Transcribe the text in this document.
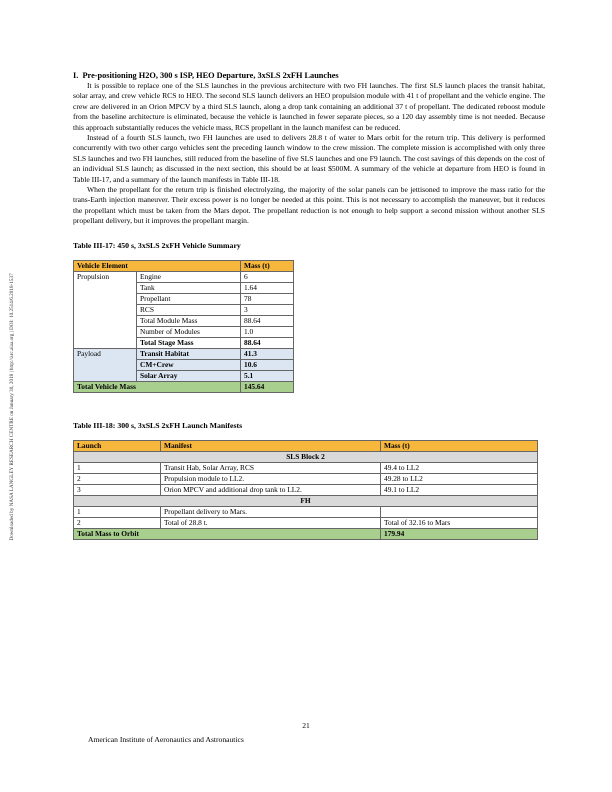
Downloaded by NASA LANGLEY RESEARCH CENTRE on January 30, 2018 | http://arc.aiaa.org | DOI: 10.2514/6.2018-1537
I. Pre-positioning H2O, 300 s ISP, HEO Departure, 3xSLS 2xFH Launches

It is possible to replace one of the SLS launches in the previous architecture with two FH launches. The first SLS launch places the transit habitat, solar array, and crew vehicle RCS to HEO. The second SLS launch delivers an HEO propulsion module with 41 t of propellant and the vehicle engine. The crew are delivered in an Orion MPCV by a third SLS launch, along a drop tank containing an additional 37 t of propellant. The dedicated reboost module from the baseline architecture is eliminated, because the vehicle is launched in fewer separate pieces, so a 120 day assembly time is not needed. Because this approach substantially reduces the vehicle mass, RCS propellant in the launch manifest can be reduced.

Instead of a fourth SLS launch, two FH launches are used to delivers 28.8 t of water to Mars orbit for the return trip. This delivery is performed concurrently with two other cargo vehicles sent the preceding launch window to the crew mission. The complete mission is accomplished with only three SLS launches and two FH launches, still reduced from the baseline of five SLS launches and one F9 launch. The cost savings of this depends on the cost of an individual SLS launch; as discussed in the next section, this should be at least $500M. A summary of the vehicle at departure from HEO is found in Table III-17, and a summary of the launch manifests in Table III-18.

When the propellant for the return trip is finished electrolyzing, the majority of the solar panels can be jettisoned to improve the mass ratio for the trans-Earth injection maneuver. Their excess power is no longer be needed at this point. This is not necessary to accomplish the maneuver, but it reduces the propellant which must be taken from the Mars depot. The propellant reduction is not enough to help support a second mission without another SLS propellant delivery, but it improves the propellant margin.

Table III-17: 450 s, 3xSLS 2xFH Vehicle Summary
Vehicle Element		Mass (t)
Propulsion	Engine	6
	Tank	1.64
	Propellant	78
	RCS	3
	Total Module Mass	88.64
	Number of Modules	1.0
	Total Stage Mass	88.64
Payload	Transit Habitat	41.3
	CM+Crew	10.6
	Solar Array	5.1
Total Vehicle Mass		145.64
Table III-18: 300 s, 3xSLS 2xFH Launch Manifests
Launch	Manifest	Mass (t)
SLS Block 2		
1	Transit Hab, Solar Array, RCS	49.4 to LL2
2	Propulsion module to LL2.	49.28 to LL2
3	Orion MPCV and additional drop tank to LL2.	49.1 to LL2
FH		
1	Propellant delivery to Mars.	
2	Total of 28.8 t.	Total of 32.16 to Mars
Total Mass to Orbit		179.94
21
American Institute of Aeronautics and Astronautics
